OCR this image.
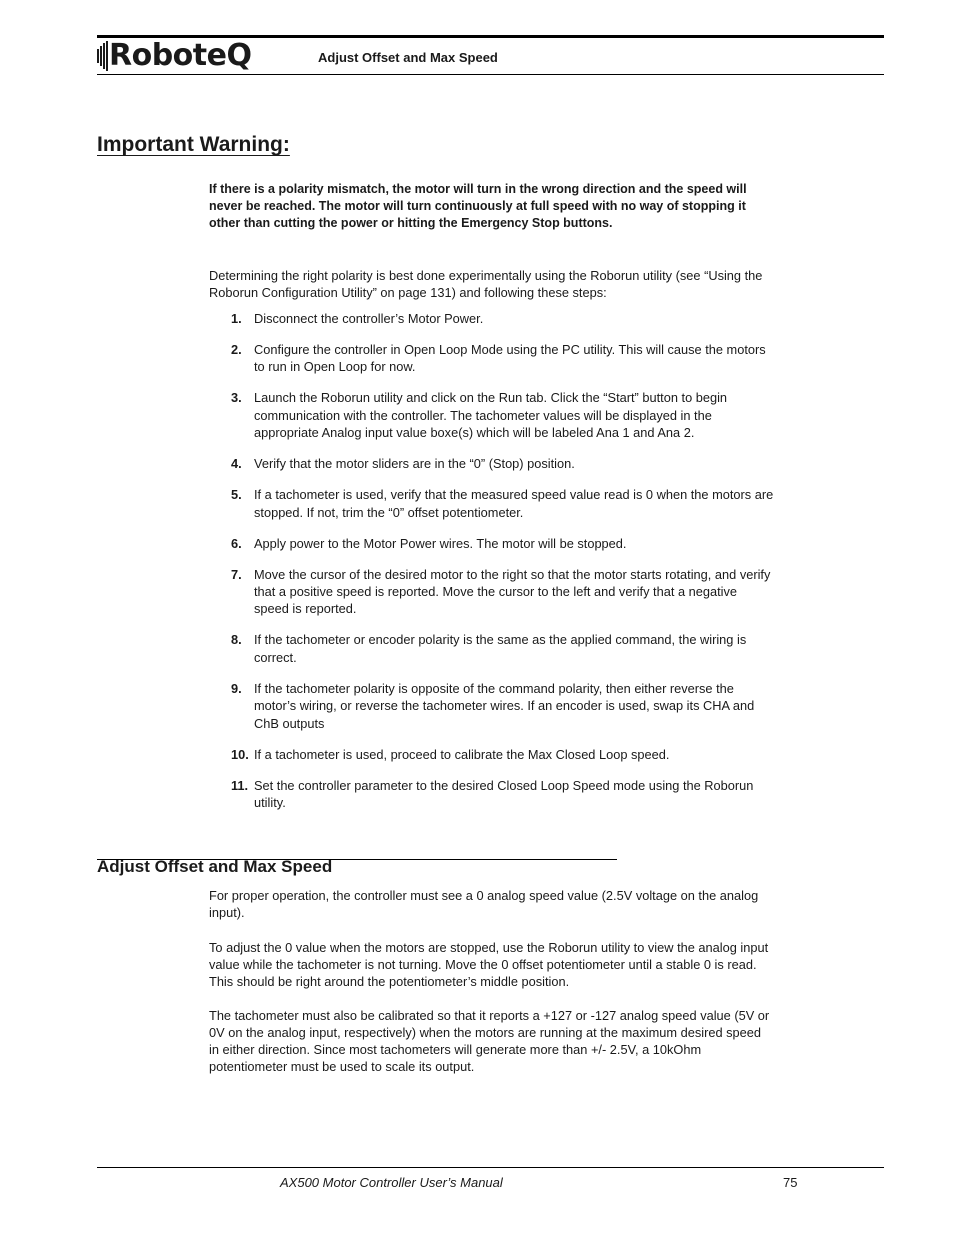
RoboteQ	Adjust Offset and Max Speed
Important Warning:

If there is a polarity mismatch, the motor will turn in the wrong direction and the speed will never be reached. The motor will turn continuously at full speed with no way of stopping it other than cutting the power or hitting the Emergency Stop buttons.

Determining the right polarity is best done experimentally using the Roborun utility (see “Using the Roborun Configuration Utility” on page 131) and following these steps:

1. Disconnect the controller’s Motor Power.
2. Configure the controller in Open Loop Mode using the PC utility. This will cause the motors to run in Open Loop for now.
3. Launch the Roborun utility and click on the Run tab. Click the “Start” button to begin communication with the controller. The tachometer values will be displayed in the appropriate Analog input value boxe(s) which will be labeled Ana 1 and Ana 2.
4. Verify that the motor sliders are in the “0” (Stop) position.
5. If a tachometer is used, verify that the measured speed value read is 0 when the motors are stopped. If not, trim the “0” offset potentiometer.
6. Apply power to the Motor Power wires. The motor will be stopped.
7. Move the cursor of the desired motor to the right so that the motor starts rotating, and verify that a positive speed is reported. Move the cursor to the left and verify that a negative speed is reported.
8. If the tachometer or encoder polarity is the same as the applied command, the wiring is correct.
9. If the tachometer polarity is opposite of the command polarity, then either reverse the motor’s wiring, or reverse the tachometer wires. If an encoder is used, swap its CHA and ChB outputs
10. If a tachometer is used, proceed to calibrate the Max Closed Loop speed.
11. Set the controller parameter to the desired Closed Loop Speed mode using the Roborun utility.
Adjust Offset and Max Speed

For proper operation, the controller must see a 0 analog speed value (2.5V voltage on the analog input).

To adjust the 0 value when the motors are stopped, use the Roborun utility to view the analog input value while the tachometer is not turning. Move the 0 offset potentiometer until a stable 0 is read. This should be right around the potentiometer’s middle position.

The tachometer must also be calibrated so that it reports a +127 or -127 analog speed value (5V or 0V on the analog input, respectively) when the motors are running at the maximum desired speed in either direction. Since most tachometers will generate more than +/- 2.5V, a 10kOhm potentiometer must be used to scale its output.

AX500 Motor Controller User’s Manual	75
